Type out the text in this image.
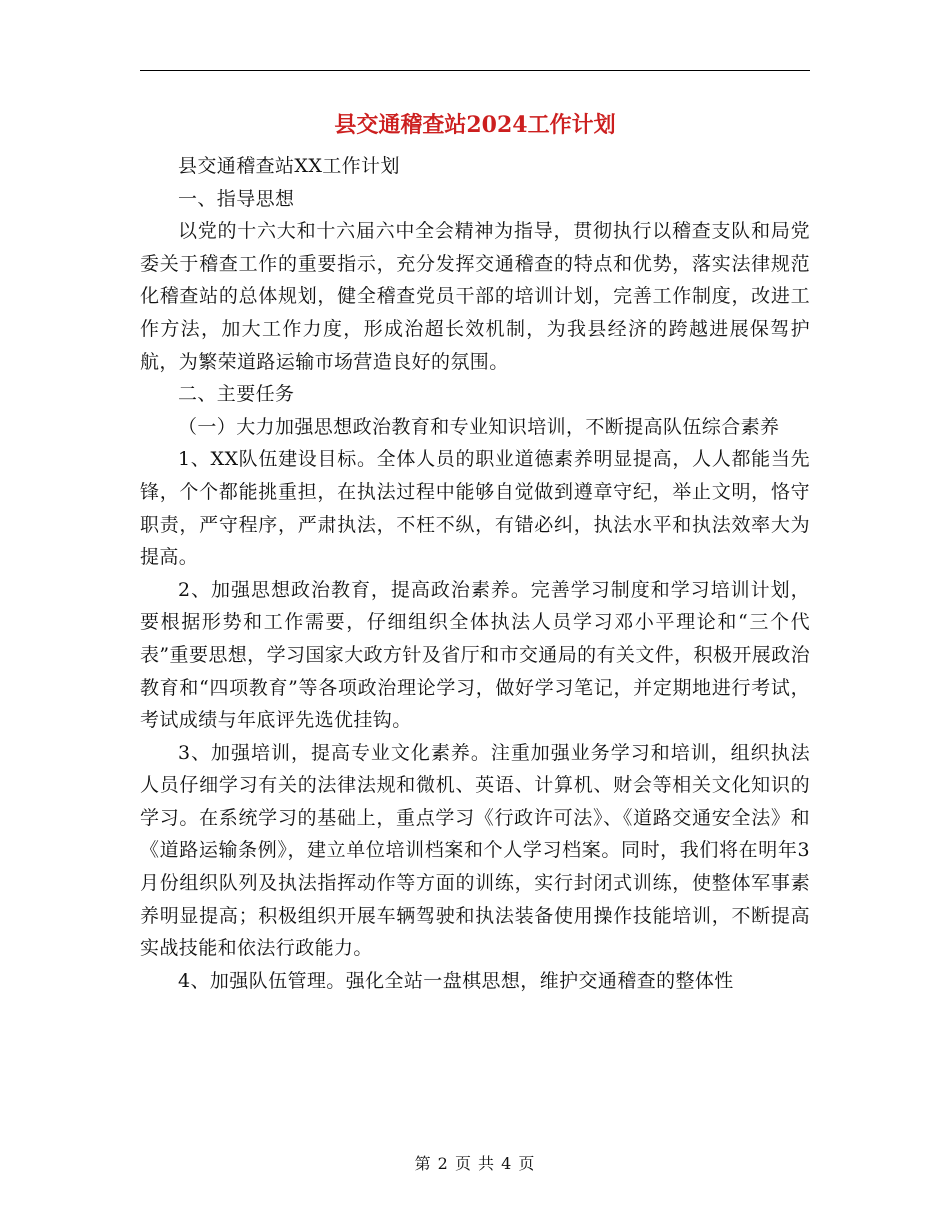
县交通稽查站2024工作计划

县交通稽查站XX工作计划

一、指导思想

以党的十六大和十六届六中全会精神为指导，贯彻执行以稽查支队和局党委关于稽查工作的重要指示，充分发挥交通稽查的特点和优势，落实法律规范化稽查站的总体规划，健全稽查党员干部的培训计划，完善工作制度，改进工作方法，加大工作力度，形成治超长效机制，为我县经济的跨越进展保驾护航，为繁荣道路运输市场营造良好的氛围。

二、主要任务

（一）大力加强思想政治教育和专业知识培训，不断提高队伍综合素养

1、XX队伍建设目标。全体人员的职业道德素养明显提高，人人都能当先锋，个个都能挑重担，在执法过程中能够自觉做到遵章守纪，举止文明，恪守职责，严守程序，严肃执法，不枉不纵，有错必纠，执法水平和执法效率大为提高。

2、加强思想政治教育，提高政治素养。完善学习制度和学习培训计划，要根据形势和工作需要，仔细组织全体执法人员学习邓小平理论和“三个代表”重要思想，学习国家大政方针及省厅和市交通局的有关文件，积极开展政治教育和“四项教育”等各项政治理论学习，做好学习笔记，并定期地进行考试，考试成绩与年底评先选优挂钩。

3、加强培训，提高专业文化素养。注重加强业务学习和培训，组织执法人员仔细学习有关的法律法规和微机、英语、计算机、财会等相关文化知识的学习。在系统学习的基础上，重点学习《行政许可法》、《道路交通安全法》和《道路运输条例》，建立单位培训档案和个人学习档案。同时，我们将在明年3月份组织队列及执法指挥动作等方面的训练，实行封闭式训练，使整体军事素养明显提高；积极组织开展车辆驾驶和执法装备使用操作技能培训，不断提高实战技能和依法行政能力。

4、加强队伍管理。强化全站一盘棋思想，维护交通稽查的整体性

第 2 页 共 4 页
